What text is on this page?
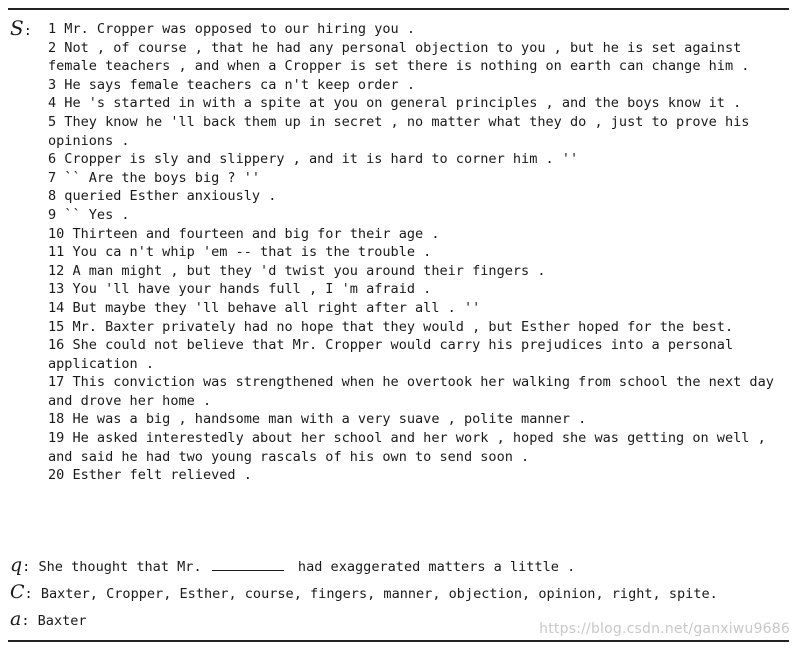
S: 1 Mr. Cropper was opposed to our hiring you .
2 Not , of course , that he had any personal objection to you , but he is set against female teachers , and when a Cropper is set there is nothing on earth can change him .
3 He says female teachers ca n't keep order .
4 He 's started in with a spite at you on general principles , and the boys know it .
5 They know he 'll back them up in secret , no matter what they do , just to prove his opinions .
6 Cropper is sly and slippery , and it is hard to corner him . ''
7 `` Are the boys big ? ''
8 queried Esther anxiously .
9 `` Yes .
10 Thirteen and fourteen and big for their age .
11 You ca n't whip 'em -- that is the trouble .
12 A man might , but they 'd twist you around their fingers .
13 You 'll have your hands full , I 'm afraid .
14 But maybe they 'll behave all right after all . ''
15 Mr. Baxter privately had no hope that they would , but Esther hoped for the best.
16 She could not believe that Mr. Cropper would carry his prejudices into a personal application .
17 This conviction was strengthened when he overtook her walking from school the next day and drove her home .
18 He was a big , handsome man with a very suave , polite manner .
19 He asked interestedly about her school and her work , hoped she was getting on well , and said he had two young rascals of his own to send soon .
20 Esther felt relieved .
q: She thought that Mr.	had exaggerated matters a little .
C: Baxter, Cropper, Esther, course, fingers, manner, objection, opinion, right, spite.
a: Baxter	https://blog.csdn.net/ganxiwu9686
